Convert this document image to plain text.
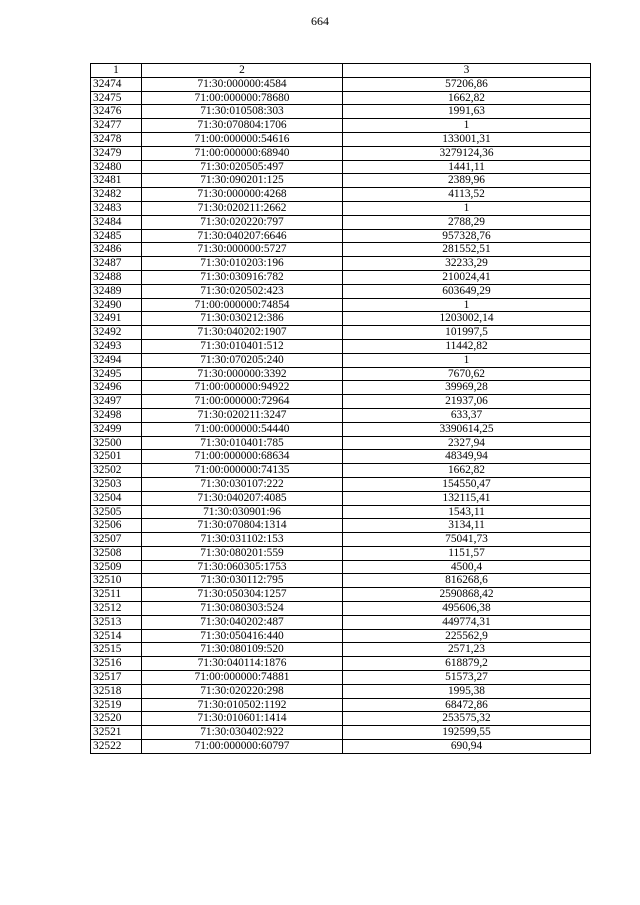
664
1	2	3
32474	71:30:000000:4584	57206,86
32475	71:00:000000:78680	1662,82
32476	71:30:010508:303	1991,63
32477	71:30:070804:1706	1
32478	71:00:000000:54616	133001,31
32479	71:00:000000:68940	3279124,36
32480	71:30:020505:497	1441,11
32481	71:30:090201:125	2389,96
32482	71:30:000000:4268	4113,52
32483	71:30:020211:2662	1
32484	71:30:020220:797	2788,29
32485	71:30:040207:6646	957328,76
32486	71:30:000000:5727	281552,51
32487	71:30:010203:196	32233,29
32488	71:30:030916:782	210024,41
32489	71:30:020502:423	603649,29
32490	71:00:000000:74854	1
32491	71:30:030212:386	1203002,14
32492	71:30:040202:1907	101997,5
32493	71:30:010401:512	11442,82
32494	71:30:070205:240	1
32495	71:30:000000:3392	7670,62
32496	71:00:000000:94922	39969,28
32497	71:00:000000:72964	21937,06
32498	71:30:020211:3247	633,37
32499	71:00:000000:54440	3390614,25
32500	71:30:010401:785	2327,94
32501	71:00:000000:68634	48349,94
32502	71:00:000000:74135	1662,82
32503	71:30:030107:222	154550,47
32504	71:30:040207:4085	132115,41
32505	71:30:030901:96	1543,11
32506	71:30:070804:1314	3134,11
32507	71:30:031102:153	75041,73
32508	71:30:080201:559	1151,57
32509	71:30:060305:1753	4500,4
32510	71:30:030112:795	816268,6
32511	71:30:050304:1257	2590868,42
32512	71:30:080303:524	495606,38
32513	71:30:040202:487	449774,31
32514	71:30:050416:440	225562,9
32515	71:30:080109:520	2571,23
32516	71:30:040114:1876	618879,2
32517	71:00:000000:74881	51573,27
32518	71:30:020220:298	1995,38
32519	71:30:010502:1192	68472,86
32520	71:30:010601:1414	253575,32
32521	71:30:030402:922	192599,55
32522	71:00:000000:60797	690,94
